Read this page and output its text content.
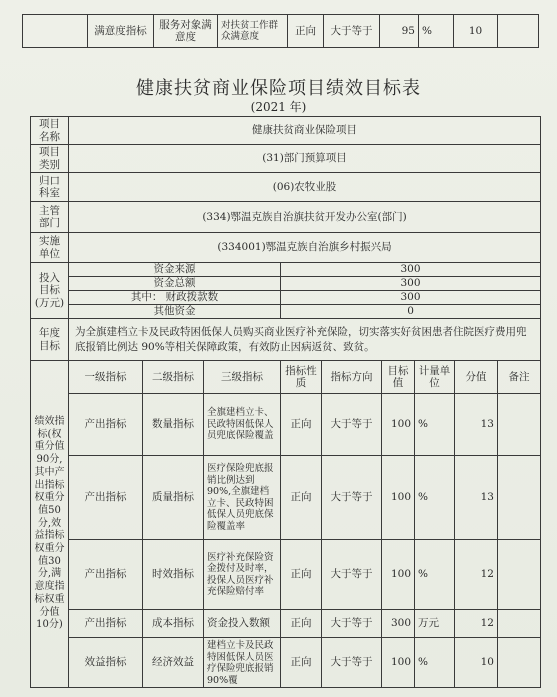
	满意度指标	服务对象满意度	对扶贫工作群众满意度	正向	大于等于	95	%	10	
健康扶贫商业保险项目绩效目标表
(2021 年)
项目名称	健康扶贫商业保险项目								
项目类别	(31)部门预算项目								
归口科室	(06)农牧业股								
主管部门	(334)鄂温克族自治旗扶贫开发办公室(部门)								
实施单位	(334001)鄂温克族自治旗乡村振兴局								
投入目标(万元)	资金来源			300					
	资金总额			300					
	其中： 财政拨款数			300					
	其他资金			0					
年度目标	为全旗建档立卡及民政特困低保人员购买商业医疗补充保险，切实落实好贫困患者住院医疗费用兜底报销比例达 90%等相关保障政策，有效防止因病返贫、致贫。								
绩效指标(权重分值90分,其中产出指标权重分值50分,效益指标权重分值30分,满意度指标权重分值10分)	一级指标	二级指标	三级指标	指标性质	指标方向	目标值	计量单位	分值	备注
	产出指标	数量指标	全旗建档立卡、民政特困低保人员兜底保险覆盖	正向	大于等于	100	%	13	
	产出指标	质量指标	医疗保险兜底报销比例达到90%,全旗建档立卡、民政特困低保人员兜底保险覆盖率	正向	大于等于	100	%	13	
	产出指标	时效指标	医疗补充保险资金拨付及时率，投保人员医疗补充保险赔付率	正向	大于等于	100	%	12	
	产出指标	成本指标	资金投入数额	正向	大于等于	300	万元	12	
	效益指标	经济效益	建档立卡及民政特困低保人员医疗保险兜底报销 90%覆	正向	大于等于	100	%	10	
